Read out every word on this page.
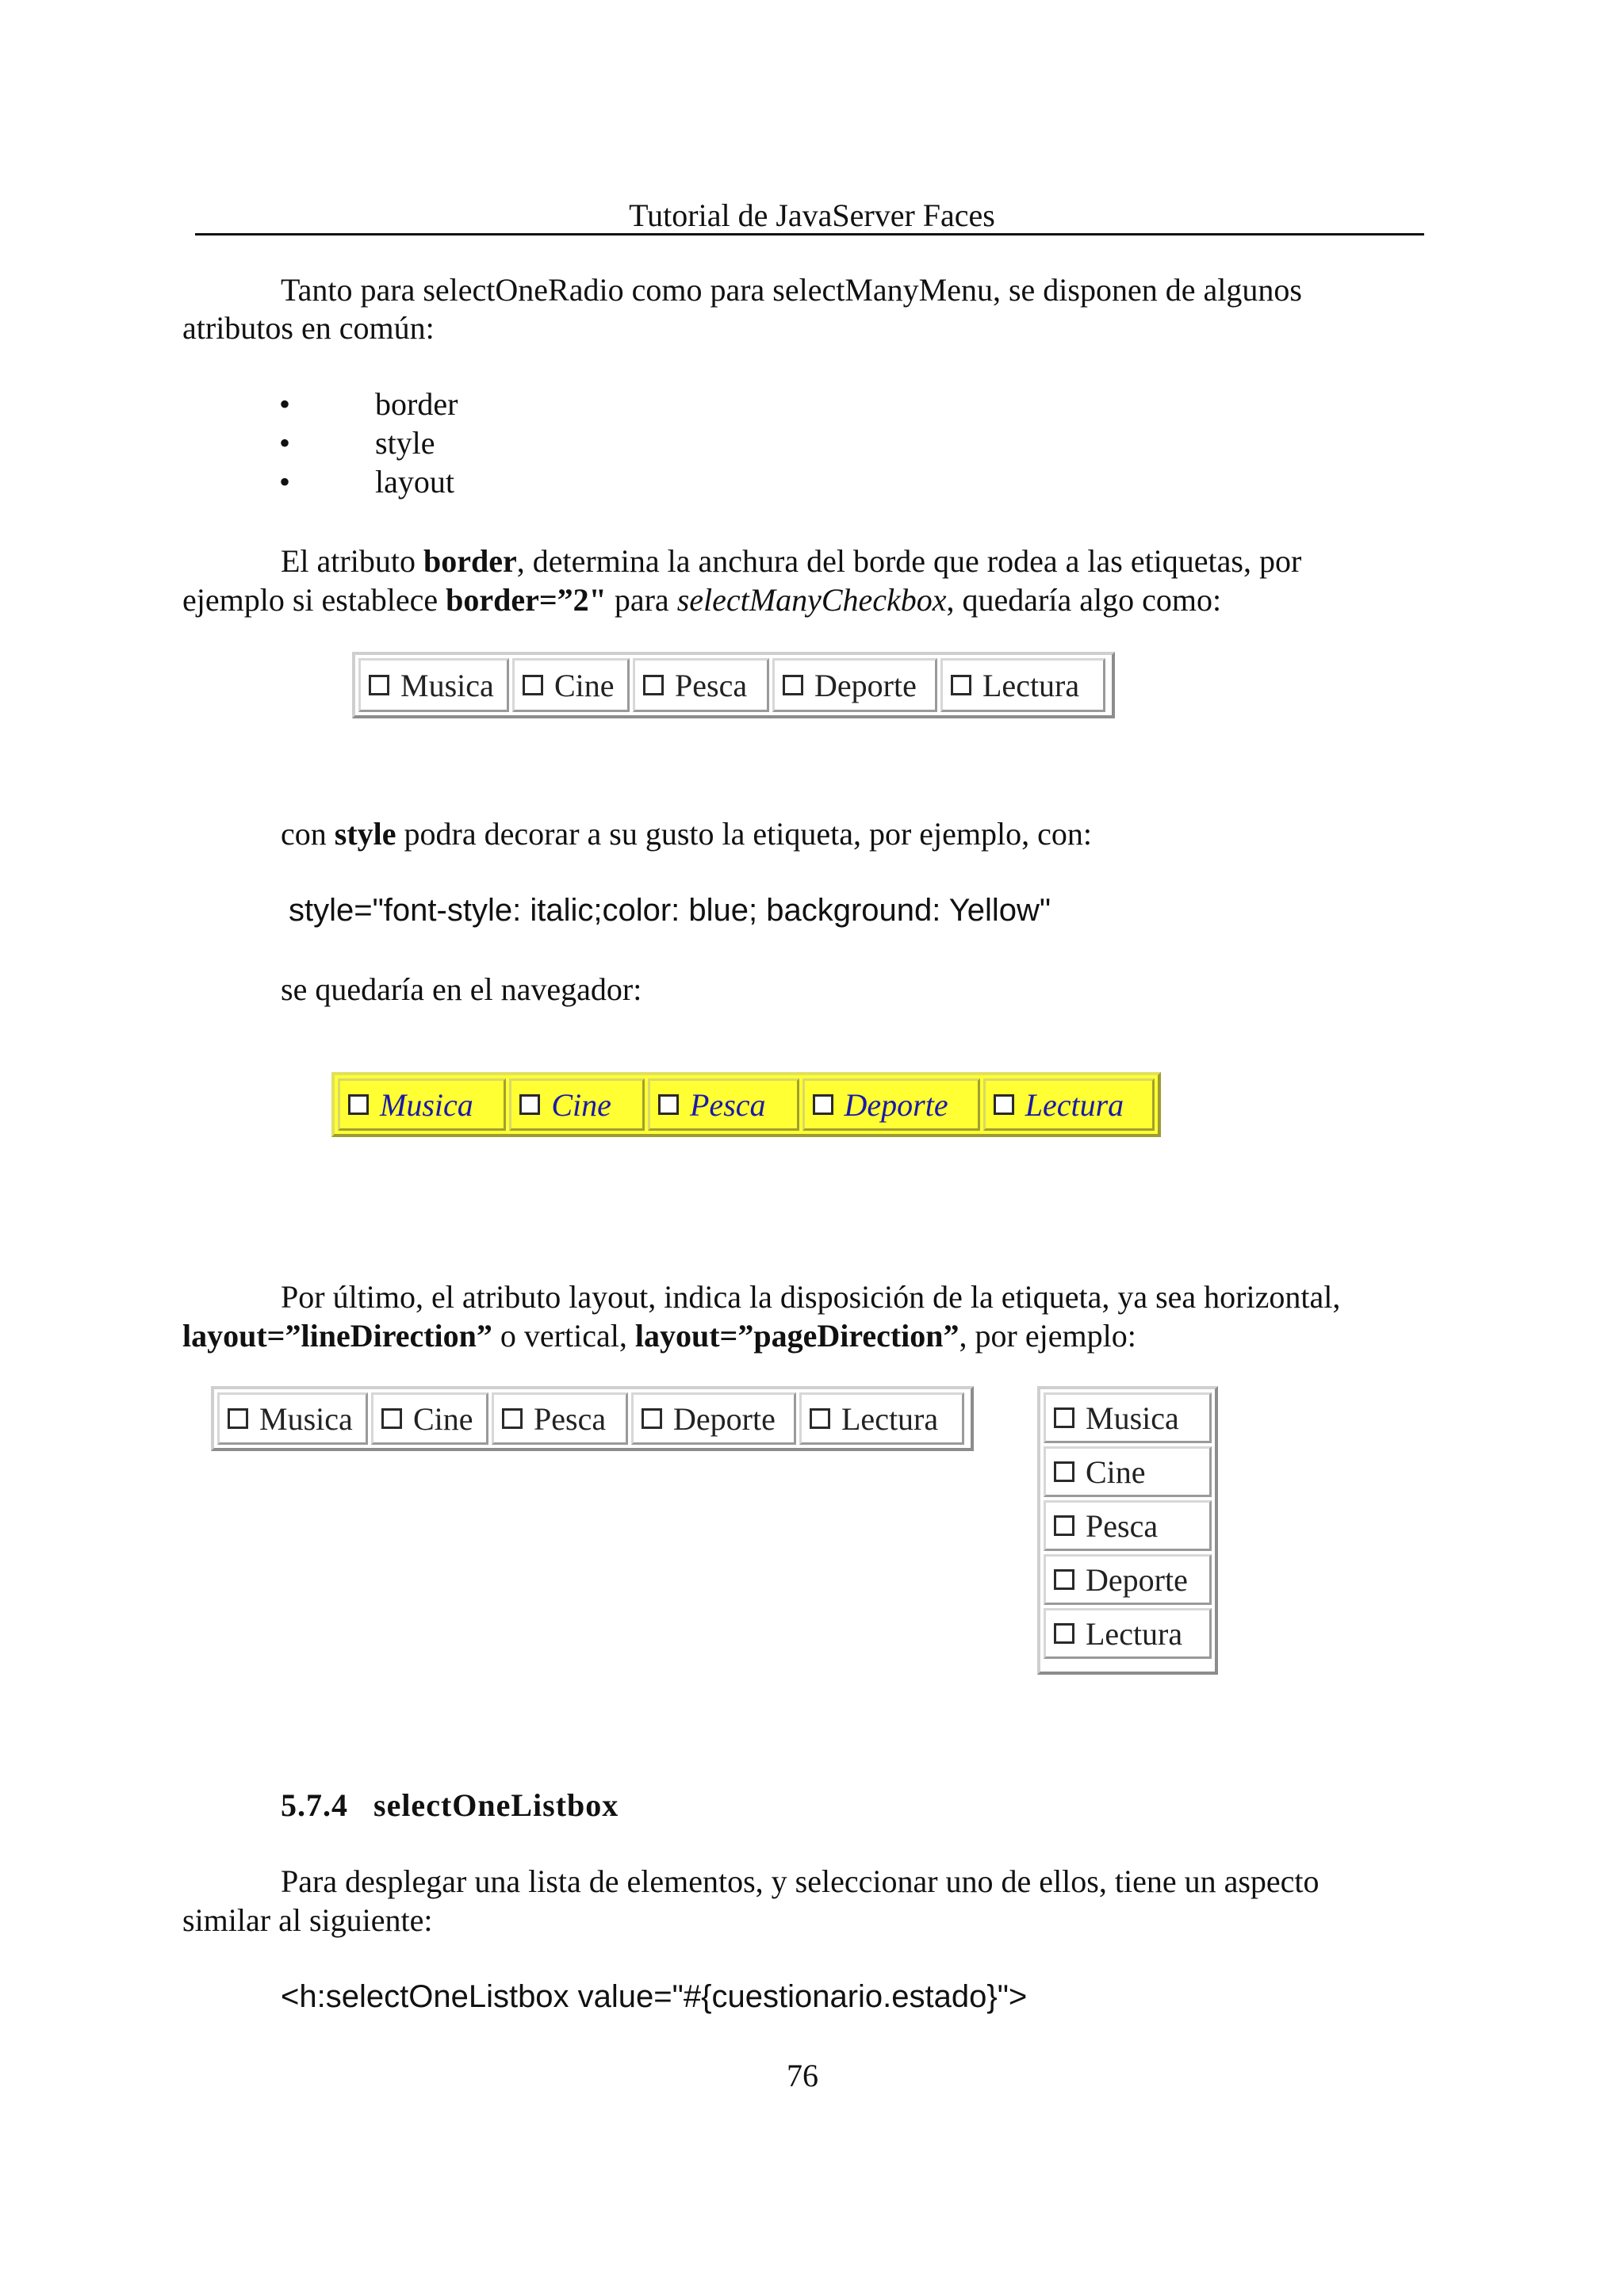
Tutorial de JavaServer Faces
Tanto para selectOneRadio como para selectManyMenu, se disponen de algunos
atributos en común:
•	border
•	style
•	layout
El atributo border, determina la anchura del borde que rodea a las etiquetas, por
ejemplo si establece border=”2" para selectManyCheckbox, quedaría algo como:
Musica Cine Pesca Deporte Lectura
con style podra decorar a su gusto la etiqueta, por ejemplo, con:
style="font-style: italic;color: blue; background: Yellow"
se quedaría en el navegador:
Musica Cine Pesca Deporte Lectura
Por último, el atributo layout, indica la disposición de la etiqueta, ya sea horizontal,
layout=”lineDirection” o vertical, layout=”pageDirection”, por ejemplo:
Musica Cine Pesca Deporte Lectura	Musica
Cine
Pesca
Deporte
Lectura
5.7.4 selectOneListbox
Para desplegar una lista de elementos, y seleccionar uno de ellos, tiene un aspecto
similar al siguiente:
<h:selectOneListbox value="#{cuestionario.estado}">
76
